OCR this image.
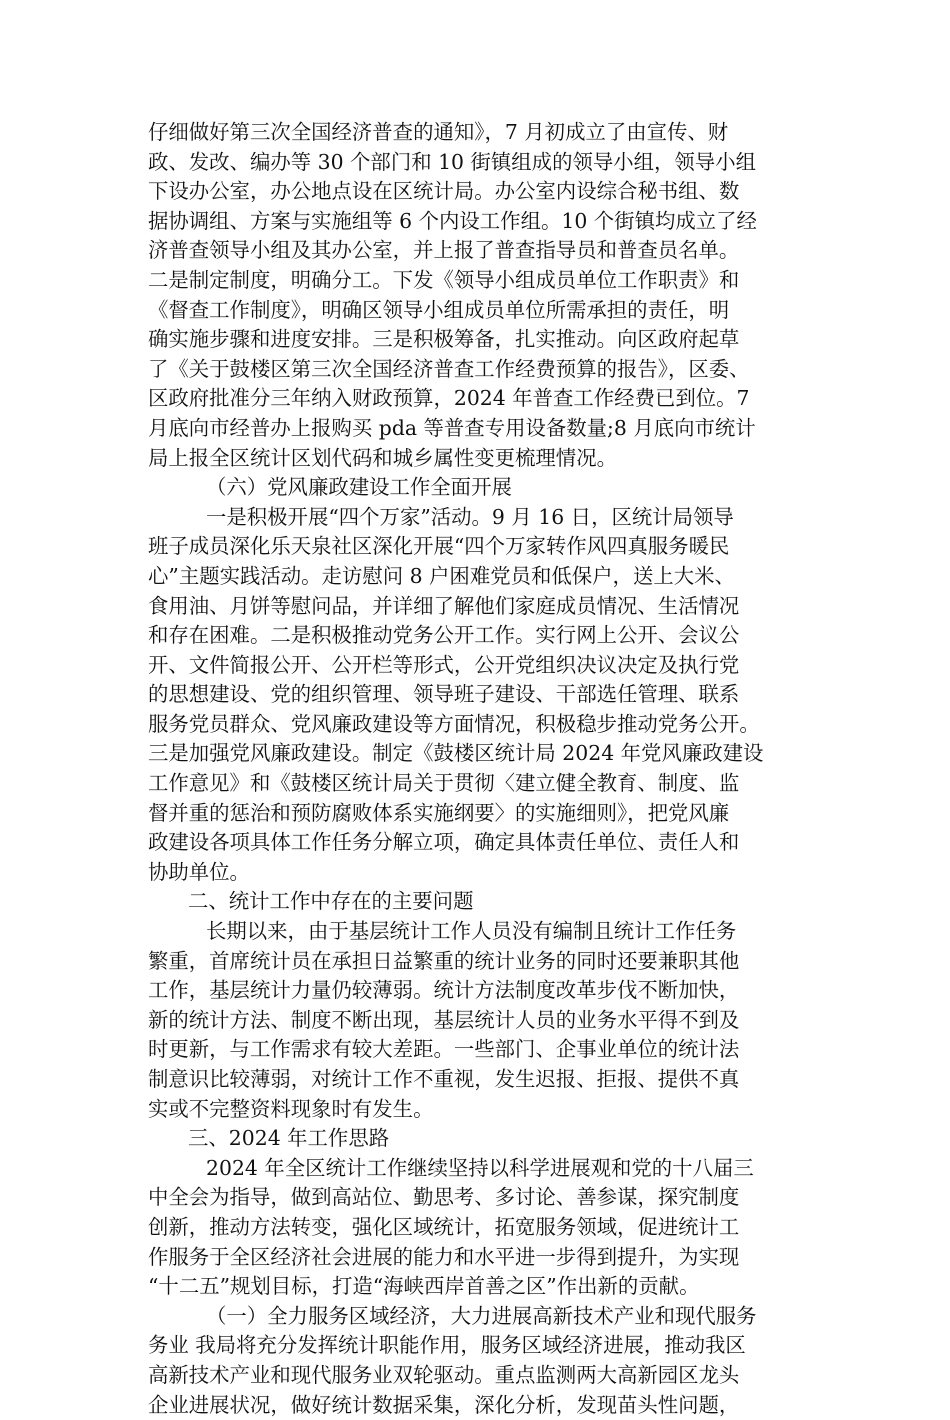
仔细做好第三次全国经济普查的通知》，7 月初成立了由宣传、财
政、发改、编办等 30 个部门和 10 街镇组成的领导小组，领导小组
下设办公室，办公地点设在区统计局。办公室内设综合秘书组、数
据协调组、方案与实施组等 6 个内设工作组。10 个街镇均成立了经
济普查领导小组及其办公室，并上报了普查指导员和普查员名单。
二是制定制度，明确分工。下发《领导小组成员单位工作职责》和
《督查工作制度》，明确区领导小组成员单位所需承担的责任，明
确实施步骤和进度安排。三是积极筹备，扎实推动。向区政府起草
了《关于鼓楼区第三次全国经济普查工作经费预算的报告》，区委、
区政府批准分三年纳入财政预算，2024 年普查工作经费已到位。7
月底向市经普办上报购买 pda 等普查专用设备数量;8 月底向市统计
局上报全区统计区划代码和城乡属性变更梳理情况。
（六）党风廉政建设工作全面开展
一是积极开展“四个万家”活动。9 月 16 日，区统计局领导
班子成员深化乐天泉社区深化开展“四个万家转作风四真服务暖民
心”主题实践活动。走访慰问 8 户困难党员和低保户，送上大米、
食用油、月饼等慰问品，并详细了解他们家庭成员情况、生活情况
和存在困难。二是积极推动党务公开工作。实行网上公开、会议公
开、文件简报公开、公开栏等形式，公开党组织决议决定及执行党
的思想建设、党的组织管理、领导班子建设、干部选任管理、联系
服务党员群众、党风廉政建设等方面情况，积极稳步推动党务公开。
三是加强党风廉政建设。制定《鼓楼区统计局 2024 年党风廉政建设
工作意见》和《鼓楼区统计局关于贯彻〈建立健全教育、制度、监
督并重的惩治和预防腐败体系实施纲要〉的实施细则》，把党风廉
政建设各项具体工作任务分解立项，确定具体责任单位、责任人和
协助单位。
二、统计工作中存在的主要问题
长期以来，由于基层统计工作人员没有编制且统计工作任务
繁重，首席统计员在承担日益繁重的统计业务的同时还要兼职其他
工作，基层统计力量仍较薄弱。统计方法制度改革步伐不断加快，
新的统计方法、制度不断出现，基层统计人员的业务水平得不到及
时更新，与工作需求有较大差距。一些部门、企事业单位的统计法
制意识比较薄弱，对统计工作不重视，发生迟报、拒报、提供不真
实或不完整资料现象时有发生。
三、2024 年工作思路
2024 年全区统计工作继续坚持以科学进展观和党的十八届三
中全会为指导，做到高站位、勤思考、多讨论、善参谋，探究制度
创新，推动方法转变，强化区域统计，拓宽服务领域，促进统计工
作服务于全区经济社会进展的能力和水平进一步得到提升，为实现
“十二五”规划目标，打造“海峡西岸首善之区”作出新的贡献。
（一）全力服务区域经济，大力进展高新技术产业和现代服务
务业 我局将充分发挥统计职能作用，服务区域经济进展，推动我区
高新技术产业和现代服务业双轮驱动。重点监测两大高新园区龙头
企业进展状况，做好统计数据采集，深化分析，发现苗头性问题，
